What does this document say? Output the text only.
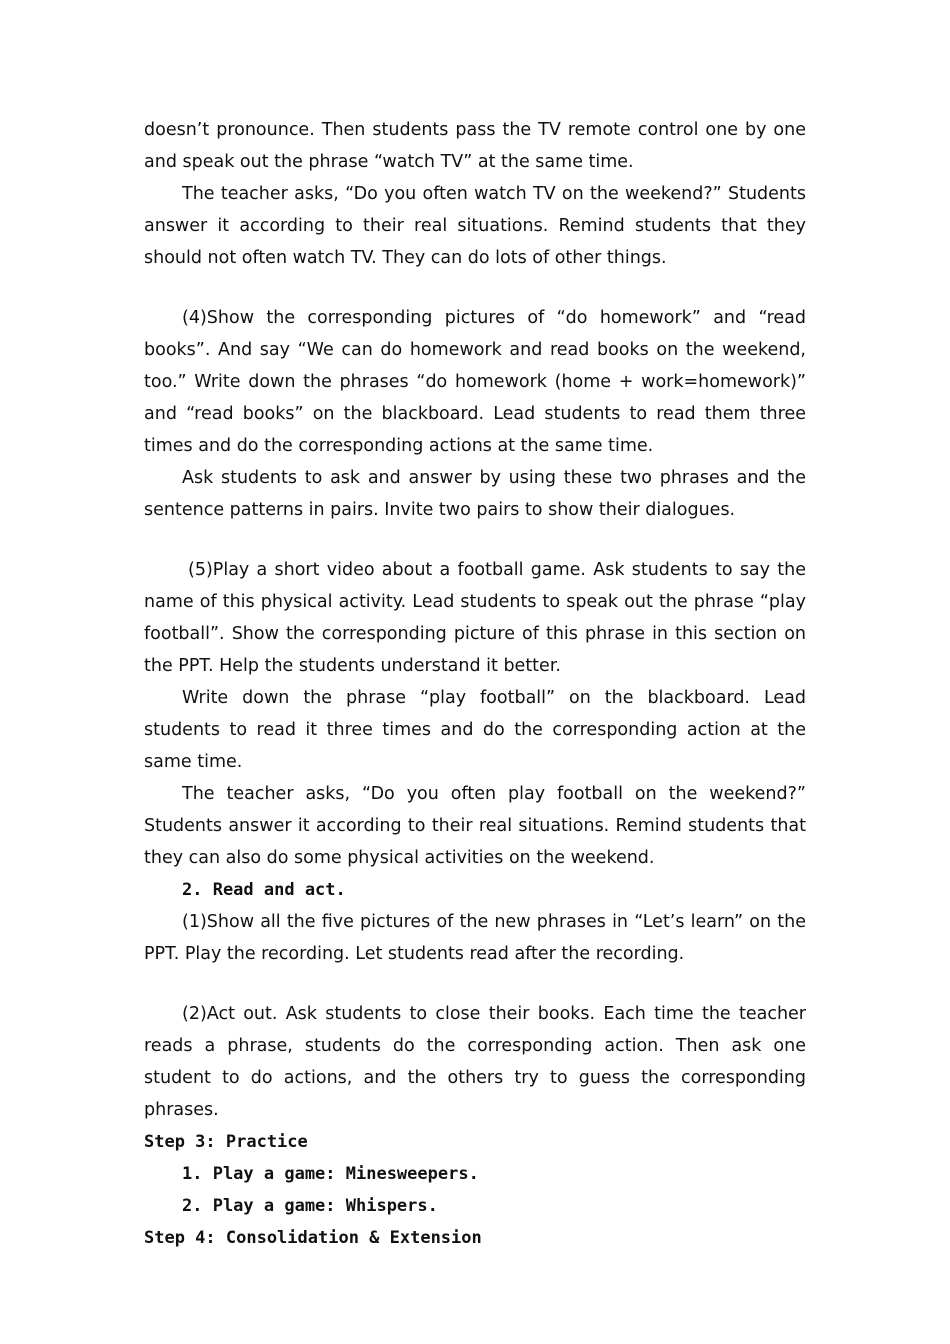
doesn’t pronounce. Then students pass the TV remote control one by one and speak out the phrase “watch TV” at the same time.

The teacher asks, “Do you often watch TV on the weekend?” Students answer it according to their real situations. Remind students that they should not often watch TV. They can do lots of other things.

(4)Show the corresponding pictures of “do homework” and “read books”. And say “We can do homework and read books on the weekend, too.” Write down the phrases “do homework (home + work=homework)” and “read books” on the blackboard. Lead students to read them three times and do the corresponding actions at the same time.

Ask students to ask and answer by using these two phrases and the sentence patterns in pairs. Invite two pairs to show their dialogues.

(5)Play a short video about a football game. Ask students to say the name of this physical activity. Lead students to speak out the phrase “play football”. Show the corresponding picture of this phrase in this section on the PPT. Help the students understand it better.

Write down the phrase “play football” on the blackboard. Lead students to read it three times and do the corresponding action at the same time.

The teacher asks, “Do you often play football on the weekend?” Students answer it according to their real situations. Remind students that they can also do some physical activities on the weekend.

2. Read and act.

(1)Show all the five pictures of the new phrases in “Let’s learn” on the PPT. Play the recording. Let students read after the recording.

(2)Act out. Ask students to close their books. Each time the teacher reads a phrase, students do the corresponding action. Then ask one student to do actions, and the others try to guess the corresponding phrases.

Step 3: Practice

1. Play a game: Minesweepers.

2. Play a game: Whispers.

Step 4: Consolidation & Extension
